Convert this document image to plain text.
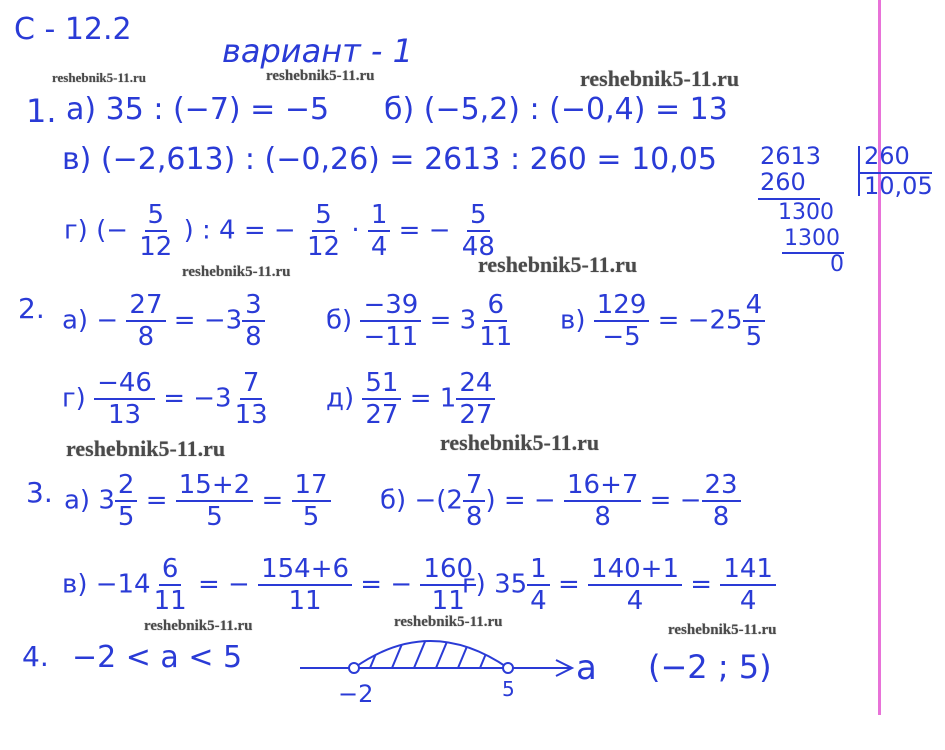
С - 12.2
вариант - 1
reshebnik5-11.ru	reshebnik5-11.ru	reshebnik5-11.ru
reshebnik5-11.ru	reshebnik5-11.ru
reshebnik5-11.ru	reshebnik5-11.ru
reshebnik5-11.ru	reshebnik5-11.ru	reshebnik5-11.ru
1. а) 35 : (−7) = −5 б) (−5,2) : (−0,4) = 13
в) (−2,613) : (−0,26) = 2613 : 260 = 10,05
г) (− $\frac{5}{12}$ ) : 4 = − $\frac{5}{12} \cdot \frac{1}{4}$ = − $\frac{5}{48}$
2613 260
10,05
260
1300
1300
0
2. $а) - \frac{27}{8} = -3 \frac{3}{8} б) \frac{-39}{-11} = 3 \frac{6}{11} в) \frac{129}{-5} = -25 \frac{4}{5}$
$г) \frac{-46}{13} = -3 \frac{7}{13} д) \frac{51}{27} = 1 \frac{24}{27}$
3. а) $3 \frac{2}{5} = \frac{15+2}{5} = \frac{17}{5} б) -(2 \frac{7}{8}$ ) = − $\frac{16+7}{8}$ = − $\frac{23}{8}$
$в) -14 \frac{6}{11}$ = − $\frac{154+6}{11}$ = − $\frac{160}{11}$
г) $35 \frac{1}{4} = \frac{140+1}{4} = \frac{141}{4}$
4. −2 < a < 5
−2	5
a (−2 ; 5)
